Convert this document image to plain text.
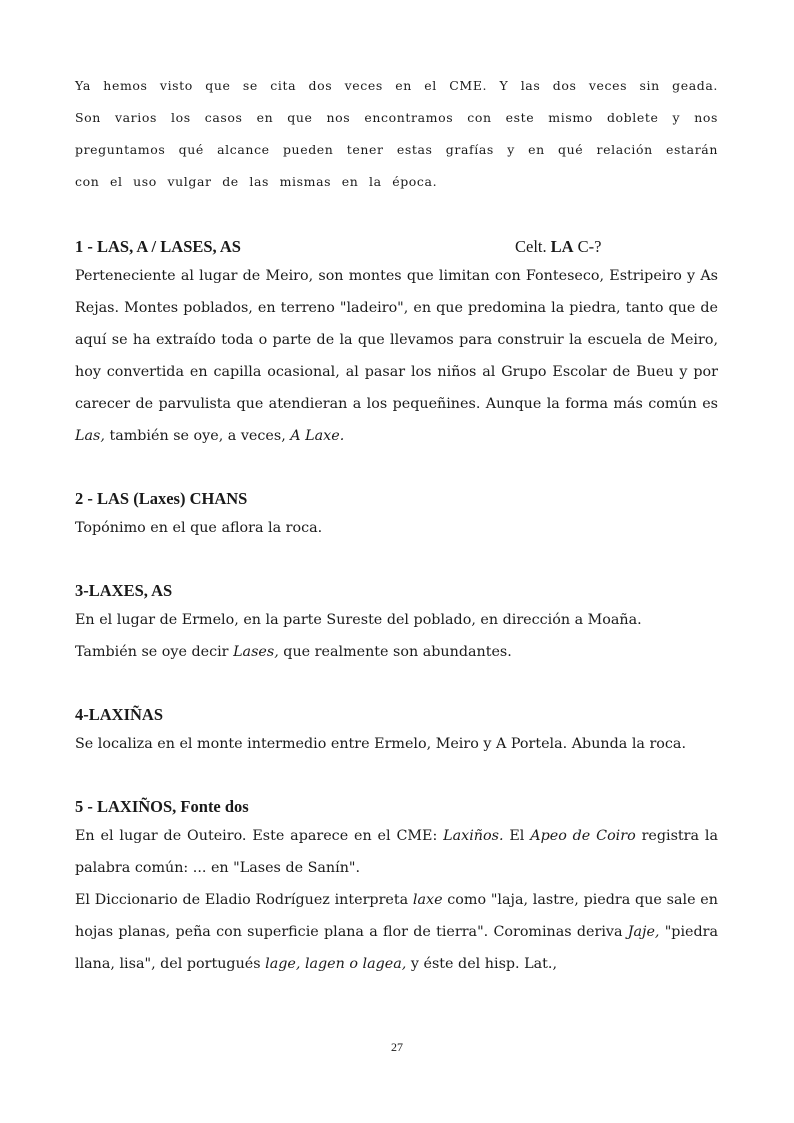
Ya hemos visto que se cita dos veces en el CME. Y las dos veces sin geada. Son varios los casos en que nos encontramos con este mismo doblete y nos preguntamos qué alcance pueden tener estas grafías y en qué relación estarán con el uso vulgar de las mismas en la época.

1 - LAS, A / LASES, AS	Celt. LA C-?

Perteneciente al lugar de Meiro, son montes que limitan con Fonteseco, Estripeiro y As Rejas. Montes poblados, en terreno "ladeiro", en que predomina la piedra, tanto que de aquí se ha extraído toda o parte de la que llevamos para construir la escuela de Meiro, hoy convertida en capilla ocasional, al pasar los niños al Grupo Escolar de Bueu y por carecer de parvulista que atendieran a los pequeñines. Aunque la forma más común es Las, también se oye, a veces, A Laxe.

2 - LAS (Laxes) CHANS

Topónimo en el que aflora la roca.

3-LAXES, AS

En el lugar de Ermelo, en la parte Sureste del poblado, en dirección a Moaña.

También se oye decir Lases, que realmente son abundantes.

4-LAXIÑAS

Se localiza en el monte intermedio entre Ermelo, Meiro y A Portela. Abunda la roca.

5 - LAXIÑOS, Fonte dos

En el lugar de Outeiro. Este aparece en el CME: Laxiños. El Apeo de Coiro registra la palabra común: ... en "Lases de Sanín".

El Diccionario de Eladio Rodríguez interpreta laxe como "laja, lastre, piedra que sale en hojas planas, peña con superficie plana a flor de tierra". Corominas deriva Jaje, "piedra llana, lisa", del portugués lage, lagen o lagea, y éste del hisp. Lat.,

27
